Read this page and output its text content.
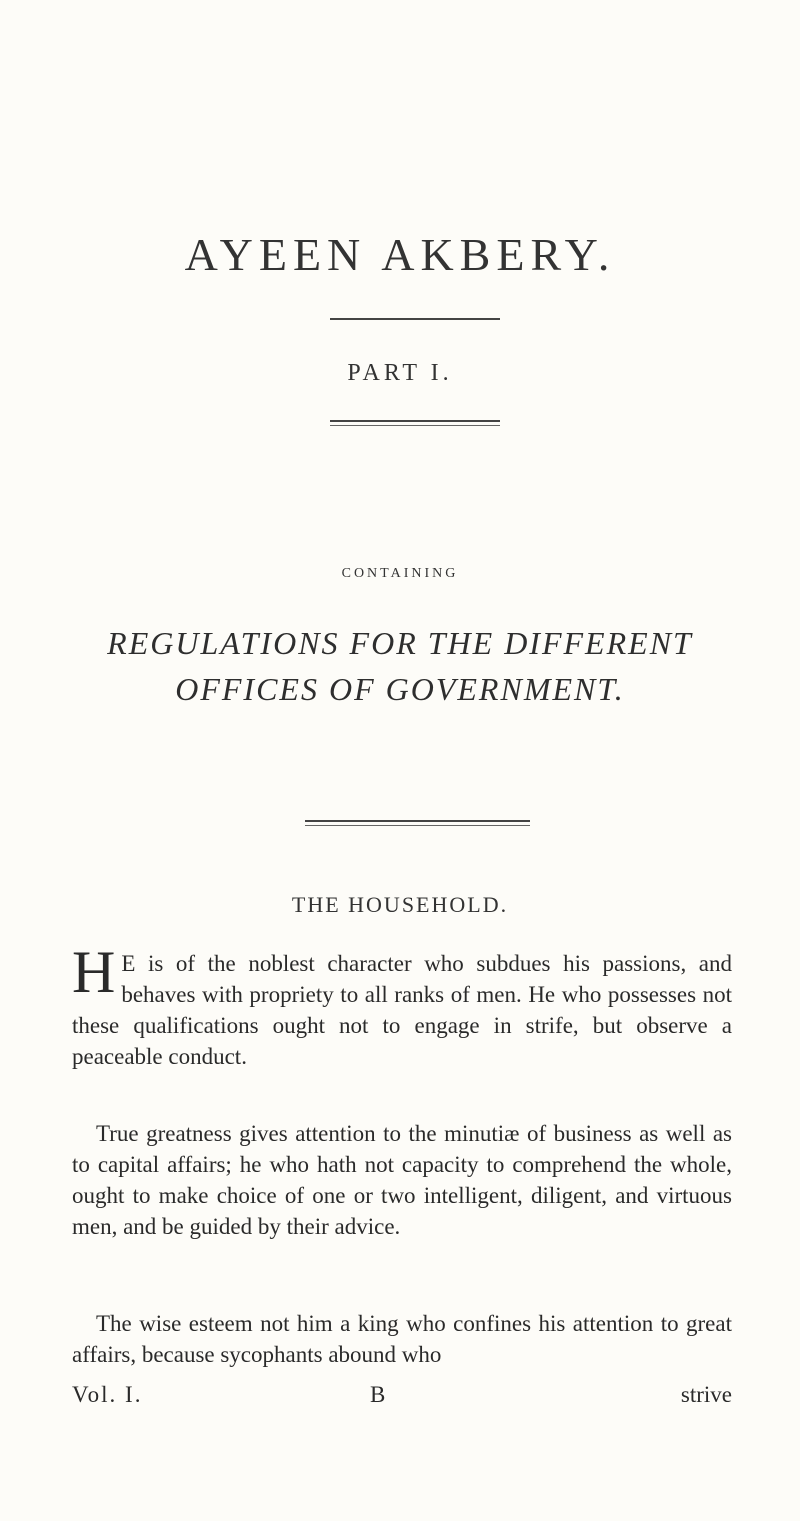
AYEEN AKBERY.
PART I.
CONTAINING
REGULATIONS FOR THE DIFFERENT
OFFICES OF GOVERNMENT.
THE HOUSEHOLD.
H E is of the noblest character who subdues his passions, and behaves with propriety to all ranks of men. He who possesses not these qualifications ought not to engage in strife, but observe a peaceable conduct.
True greatness gives attention to the minutiæ of business as well as to capital affairs; he who hath not capacity to comprehend the whole, ought to make choice of one or two intelligent, diligent, and virtuous men, and be guided by their advice.
The wise esteem not him a king who confines his attention to great affairs, because sycophants abound who
Vol. I.	B	strive
